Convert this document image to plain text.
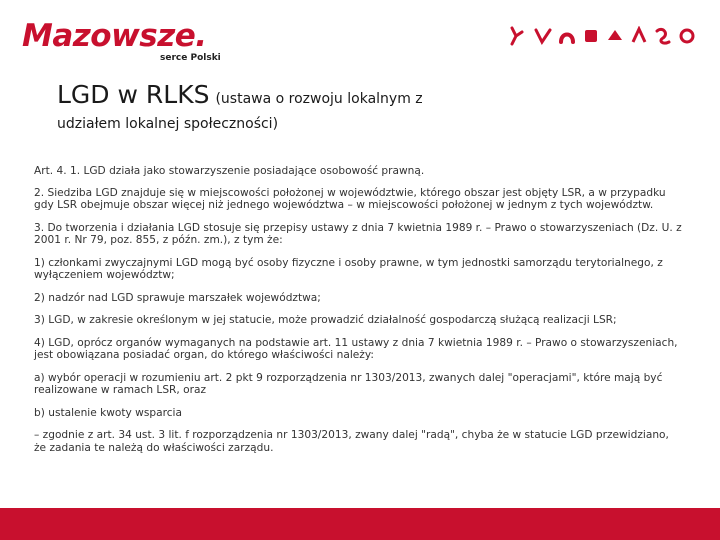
Mazowsze.
serce Polski
LGD w RLKS (ustawa o rozwoju lokalnym z
udziałem lokalnej społeczności)

Art. 4. 1. LGD działa jako stowarzyszenie posiadające osobowość prawną.

2. Siedziba LGD znajduje się w miejscowości położonej w województwie, którego obszar jest objęty LSR, a w przypadku gdy LSR obejmuje obszar więcej niż jednego województwa – w miejscowości położonej w jednym z tych województw.

3. Do tworzenia i działania LGD stosuje się przepisy ustawy z dnia 7 kwietnia 1989 r. – Prawo o stowarzyszeniach (Dz. U. z 2001 r. Nr 79, poz. 855, z późn. zm.), z tym że:

1) członkami zwyczajnymi LGD mogą być osoby fizyczne i osoby prawne, w tym jednostki samorządu terytorialnego, z wyłączeniem województw;

2) nadzór nad LGD sprawuje marszałek województwa;

3) LGD, w zakresie określonym w jej statucie, może prowadzić działalność gospodarczą służącą realizacji LSR;

4) LGD, oprócz organów wymaganych na podstawie art. 11 ustawy z dnia 7 kwietnia 1989 r. – Prawo o stowarzyszeniach, jest obowiązana posiadać organ, do którego właściwości należy:

a) wybór operacji w rozumieniu art. 2 pkt 9 rozporządzenia nr 1303/2013, zwanych dalej "operacjami", które mają być realizowane w ramach LSR, oraz

b) ustalenie kwoty wsparcia

– zgodnie z art. 34 ust. 3 lit. f rozporządzenia nr 1303/2013, zwany dalej "radą", chyba że w statucie LGD przewidziano, że zadania te należą do właściwości zarządu.
